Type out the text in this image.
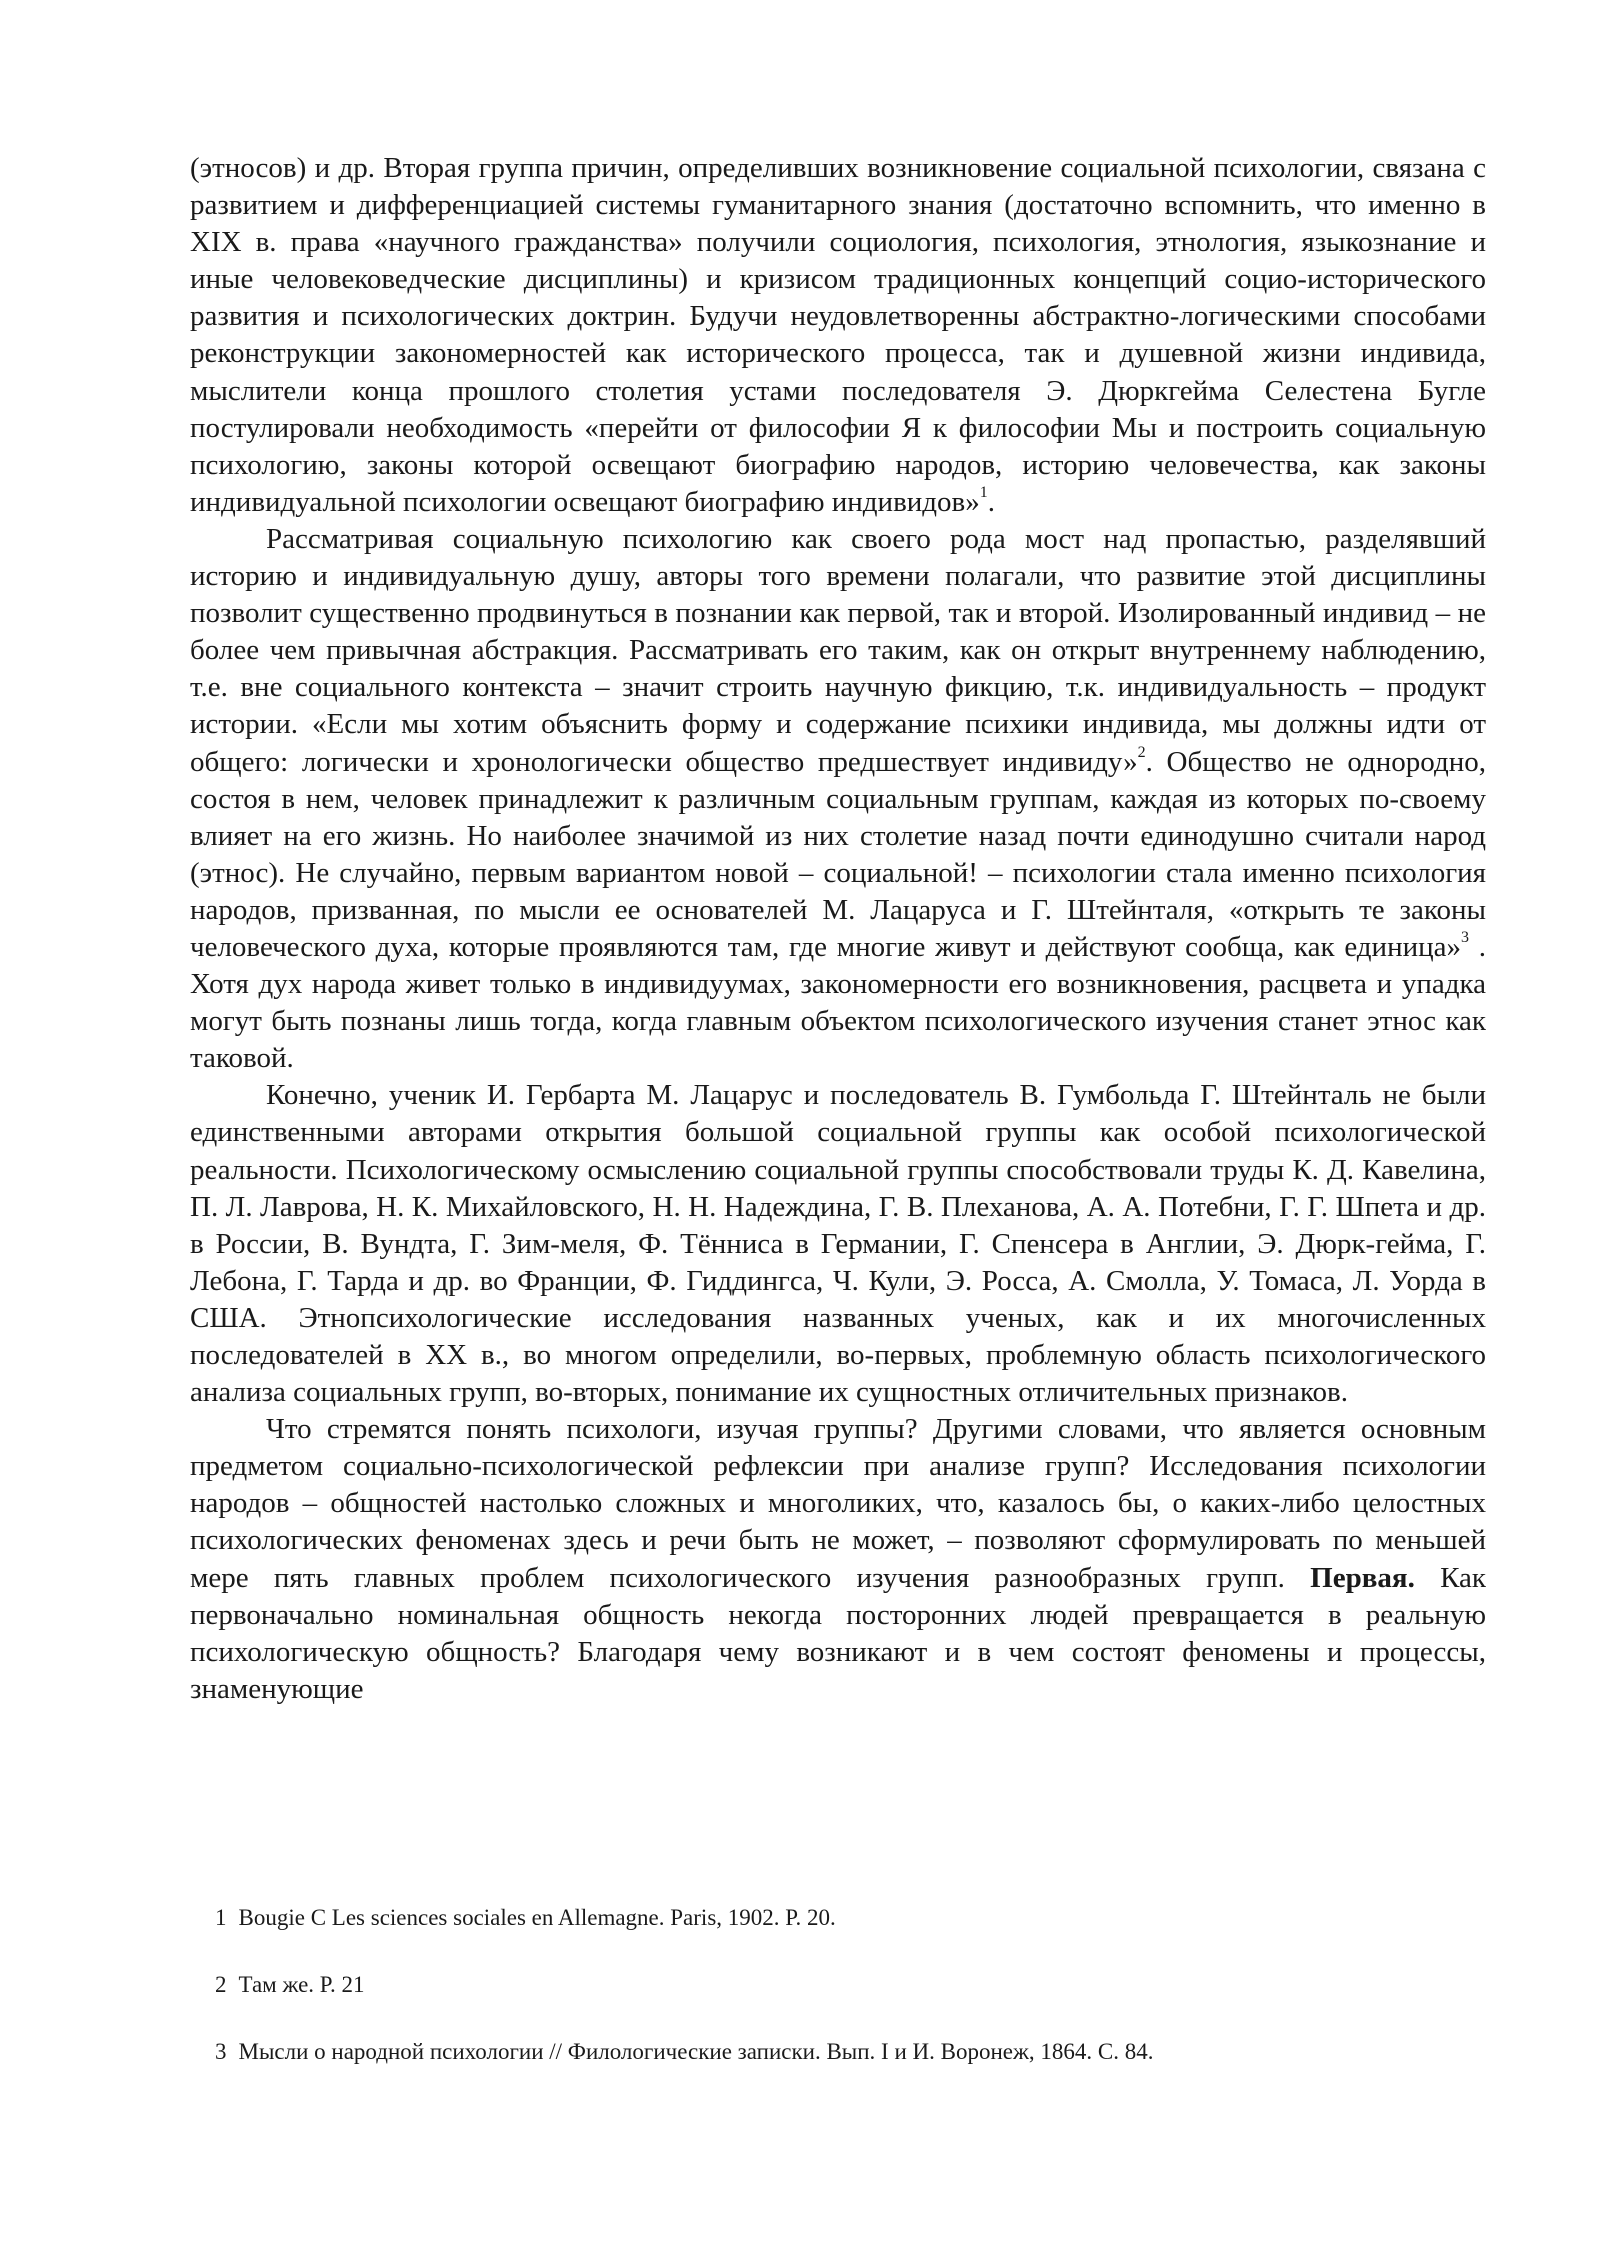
(этносов) и др. Вторая группа причин, определивших возникновение социальной психологии, связана с развитием и дифференциацией системы гуманитарного знания (достаточно вспомнить, что именно в XIX в. права «научного гражданства» получили социология, психология, этнология, языкознание и иные человековедческие дисциплины) и кризисом традиционных концепций социо-исторического развития и психологических доктрин. Будучи неудовлетворенны абстрактно-логическими способами реконструкции закономерностей как исторического процесса, так и душевной жизни индивида, мыслители конца прошлого столетия устами последователя Э. Дюркгейма Селестена Бугле постулировали необходимость «перейти от философии Я к философии Мы и построить социальную психологию, законы которой освещают биографию народов, историю человечества, как законы индивидуальной психологии освещают биографию индивидов»$^1$.

Рассматривая социальную психологию как своего рода мост над пропастью, разделявший историю и индивидуальную душу, авторы того времени полагали, что развитие этой дисциплины позволит существенно продвинуться в познании как первой, так и второй. Изолированный индивид – не более чем привычная абстракция. Рассматривать его таким, как он открыт внутреннему наблюдению, т.е. вне социального контекста – значит строить научную фикцию, т.к. индивидуальность – продукт истории. «Если мы хотим объяснить форму и содержание психики индивида, мы должны идти от общего: логически и хронологически общество предшествует индивиду»$^2$. Общество не однородно, состоя в нем, человек принадлежит к различным социальным группам, каждая из которых по-своему влияет на его жизнь. Но наиболее значимой из них столетие назад почти единодушно считали народ (этнос). Не случайно, первым вариантом новой – социальной! – психологии стала именно психология народов, призванная, по мысли ее основателей М. Лацаруса и Г. Штейнталя, «открыть те законы человеческого духа, которые проявляются там, где многие живут и действуют сообща, как единица»$^3$ . Хотя дух народа живет только в индивидуумах, закономерности его возникновения, расцвета и упадка могут быть познаны лишь тогда, когда главным объектом психологического изучения станет этнос как таковой.

Конечно, ученик И. Гербарта М. Лацарус и последователь В. Гумбольда Г. Штейнталь не были единственными авторами открытия большой социальной группы как особой психологической реальности. Психологическому осмыслению социальной группы способствовали труды К. Д. Кавелина, П. Л. Лаврова, Н. К. Михайловского, Н. Н. Надеждина, Г. В. Плеханова, А. А. Потебни, Г. Г. Шпета и др. в России, В. Вундта, Г. Зим-меля, Ф. Тённиса в Германии, Г. Спенсера в Англии, Э. Дюрк-гейма, Г. Лебона, Г. Тарда и др. во Франции, Ф. Гиддингса, Ч. Кули, Э. Росса, А. Смолла, У. Томаса, Л. Уорда в США. Этнопсихологические исследования названных ученых, как и их многочисленных последователей в XX в., во многом определили, во-первых, проблемную область психологического анализа социальных групп, во-вторых, понимание их сущностных отличительных признаков.

Что стремятся понять психологи, изучая группы? Другими словами, что является основным предметом социально-психологической рефлексии при анализе групп? Исследования психологии народов – общностей настолько сложных и многоликих, что, казалось бы, о каких-либо целостных психологических феноменах здесь и речи быть не может, – позволяют сформулировать по меньшей мере пять главных проблем психологического изучения разнообразных групп. Первая. Как первоначально номинальная общность некогда посторонних людей превращается в реальную психологическую общность? Благодаря чему возникают и в чем состоят феномены и процессы, знаменующие

1 Bougie C Les sciences sociales en Allemagne. Paris, 1902. P. 20.

2 Там же. P. 21

3 Мысли о народной психологии // Филологические записки. Вып. I и И. Воронеж, 1864. С. 84.
